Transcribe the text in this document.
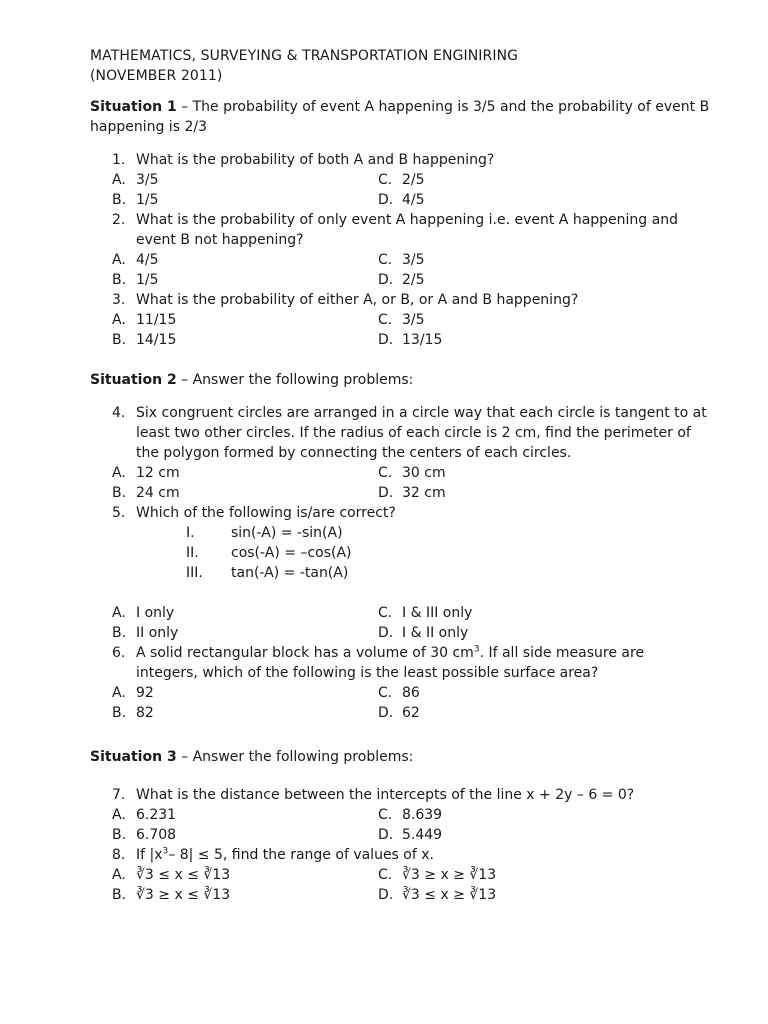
MATHEMATICS, SURVEYING & TRANSPORTATION ENGINIRING
(NOVEMBER 2011)
Situation 1 – The probability of event A happening is 3/5 and the probability of event B happening is 2/3
1. What is the probability of both A and B happening?
A. 3/5	C. 2/5
B. 1/5	D. 4/5
2. What is the probability of only event A happening i.e. event A happening and event B not happening?
A. 4/5	C. 3/5
B. 1/5	D. 2/5
3. What is the probability of either A, or B, or A and B happening?
A. 11/15	C. 3/5
B. 14/15	D. 13/15
Situation 2 – Answer the following problems:
4. Six congruent circles are arranged in a circle way that each circle is tangent to at least two other circles. If the radius of each circle is 2 cm, find the perimeter of the polygon formed by connecting the centers of each circles.
A. 12 cm	C. 30 cm
B. 24 cm	D. 32 cm
5. Which of the following is/are correct?
I.	sin(-A) = -sin(A)
II. cos(-A) = –cos(A)
III. tan(-A) = -tan(A)
A. I only	C. I & III only
B. II only	D. I & II only
6. A solid rectangular block has a volume of 30 $cm^3$. If all side measure are integers, which of the following is the least possible surface area?
A. 92	C. 86
B. 82	D. 62
Situation 3 – Answer the following problems:
7. What is the distance between the intercepts of the line x + 2y – 6 = 0?
A. 6.231	C. 8.639
B. 6.708	D. 5.449
8. If $|x^3-$ 8| ≤ 5, find the range of values of x.
A. ∛3 ≤ x ≤ ∛13	C. ∛3 ≥ x ≥ ∛13
B. ∛3 ≥ x ≤ ∛13	D. ∛3 ≤ x ≥ ∛13
